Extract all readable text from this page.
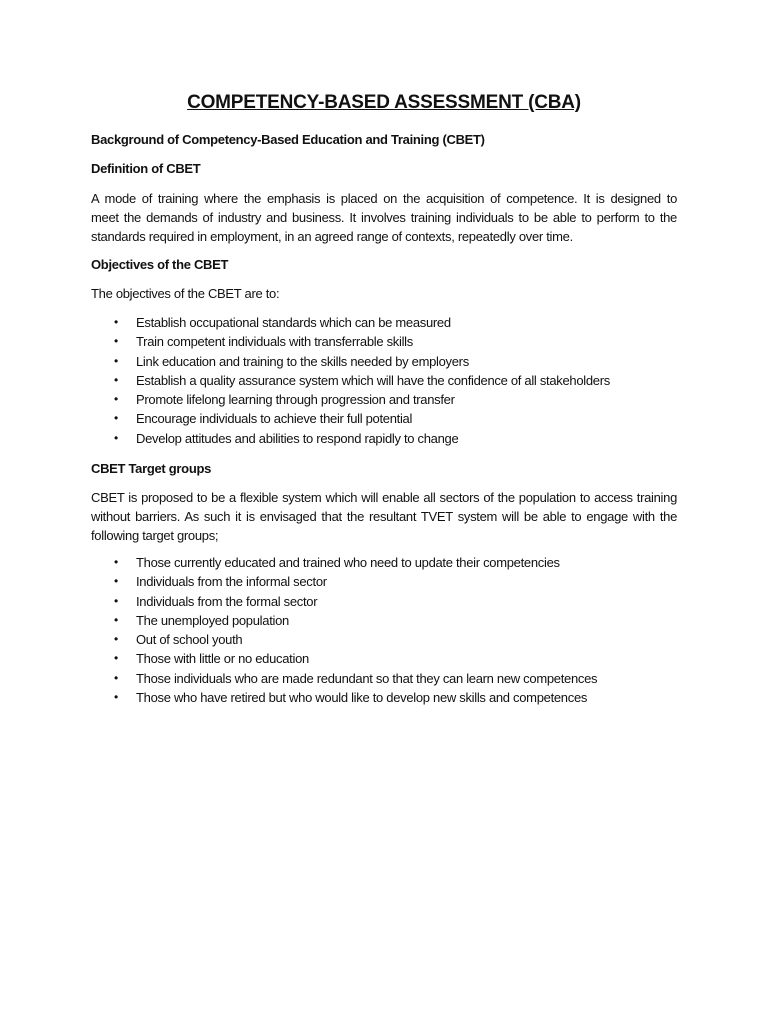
COMPETENCY-BASED ASSESSMENT (CBA)

Background of Competency-Based Education and Training (CBET)

Definition of CBET

A mode of training where the emphasis is placed on the acquisition of competence. It is designed to
meet the demands of industry and business. It involves training individuals to be able to perform to the
standards required in employment, in an agreed range of contexts, repeatedly over time.

Objectives of the CBET

The objectives of the CBET are to:

• Establish occupational standards which can be measured
• Train competent individuals with transferrable skills
• Link education and training to the skills needed by employers
• Establish a quality assurance system which will have the confidence of all stakeholders
• Promote lifelong learning through progression and transfer
• Encourage individuals to achieve their full potential
• Develop attitudes and abilities to respond rapidly to change

CBET Target groups

CBET is proposed to be a flexible system which will enable all sectors of the population to access training
without barriers. As such it is envisaged that the resultant TVET system will be able to engage with the
following target groups;

• Those currently educated and trained who need to update their competencies
• Individuals from the informal sector
• Individuals from the formal sector
• The unemployed population
• Out of school youth
• Those with little or no education
• Those individuals who are made redundant so that they can learn new competences
• Those who have retired but who would like to develop new skills and competences
